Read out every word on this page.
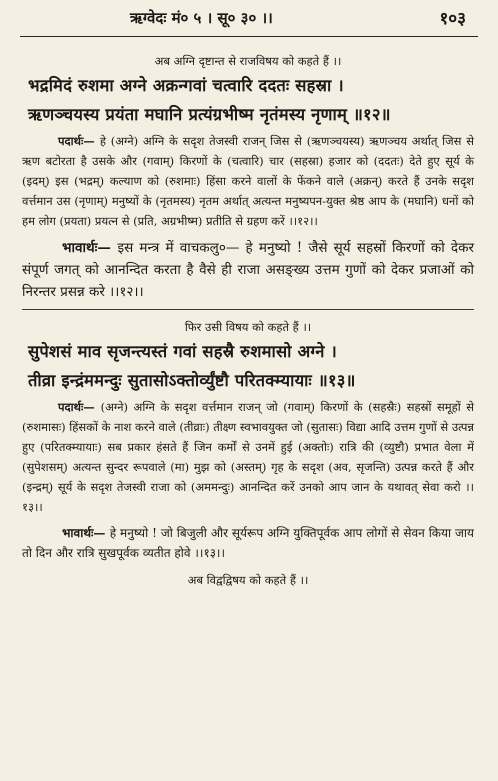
ऋग्वेदः मं० ५ । सू० ३० ।।	१०३
अब अग्नि दृष्टान्त से राजविषय को कहते हैं ।।
भद्रमिदं रुशमा अग्ने अक्रन्गवां चत्वारि ददतः सहस्रा ।
ऋणञ्चयस्य प्रयंता मघानि प्रत्यंग्रभीष्म नृतंमस्य नृणाम् ॥१२॥

पदार्थः— हे (अग्ने) अग्नि के सदृश तेजस्वी राजन् जिस से (ऋणञ्चयस्य) ऋणञ्चय अर्थात् जिस से ऋण बटोरता है उसके और (गवाम्) किरणों के (चत्वारि) चार (सहस्रा) हजार को (ददतः) देते हुए सूर्य के (इदम्) इस (भद्रम्) कल्याण को (रुशमाः) हिंसा करने वालों के फेंकने वाले (अक्रन्) करते हैं उनके सदृश वर्त्तमान उस (नृणाम्) मनुष्यों के (नृतमस्य) नृतम अर्थात् अत्यन्त मनुष्यपन-युक्त श्रेष्ठ आप के (मघानि) धनों को हम लोग (प्रयता) प्रयत्न से (प्रति, अग्रभीष्म) प्रतीति से ग्रहण करें ।।१२।।

भावार्थः— इस मन्त्र में वाचकलु०— हे मनुष्यो ! जैसे सूर्य सहस्रों किरणों को देकर संपूर्ण जगत् को आनन्दित करता है वैसे ही राजा असङ्ख्य उत्तम गुणों को देकर प्रजाओं को निरन्तर प्रसन्न करे ।।१२।।

फिर उसी विषय को कहते हैं ।।
सुपेशसं माव सृजन्त्यस्तं गवां सहस्रै रुशमासो अग्ने ।
तीव्रा इन्द्रंममन्दुः सुतासोऽक्तोर्व्युंष्टौ परितक्म्यायाः ॥१३॥

पदार्थः— (अग्ने) अग्नि के सदृश वर्त्तमान राजन् जो (गवाम्) किरणों के (सहस्रैः) सहस्रों समूहों से (रुशमासः) हिंसकों के नाश करने वाले (तीव्राः) तीक्ष्ण स्वभावयुक्त जो (सुतासः) विद्या आदि उत्तम गुणों से उत्पन्न हुए (परितक्म्यायाः) सब प्रकार हंसते हैं जिन कर्मों से उनमें हुई (अक्तोः) रात्रि की (व्युष्टौ) प्रभात वेला में (सुपेशसम्) अत्यन्त सुन्दर रूपवाले (मा) मुझ को (अस्तम्) गृह के सदृश (अव, सृजन्ति) उत्पन्न करते हैं और (इन्द्रम्) सूर्य के सदृश तेजस्वी राजा को (अममन्दुः) आनन्दित करें उनको आप जान के यथावत् सेवा करो ।।१३।।

भावार्थः— हे मनुष्यो ! जो बिजुली और सूर्यरूप अग्नि युक्तिपूर्वक आप लोगों से सेवन किया जाय तो दिन और रात्रि सुखपूर्वक व्यतीत होवे ।।१३।।

अब विद्वद्विषय को कहते हैं ।।
